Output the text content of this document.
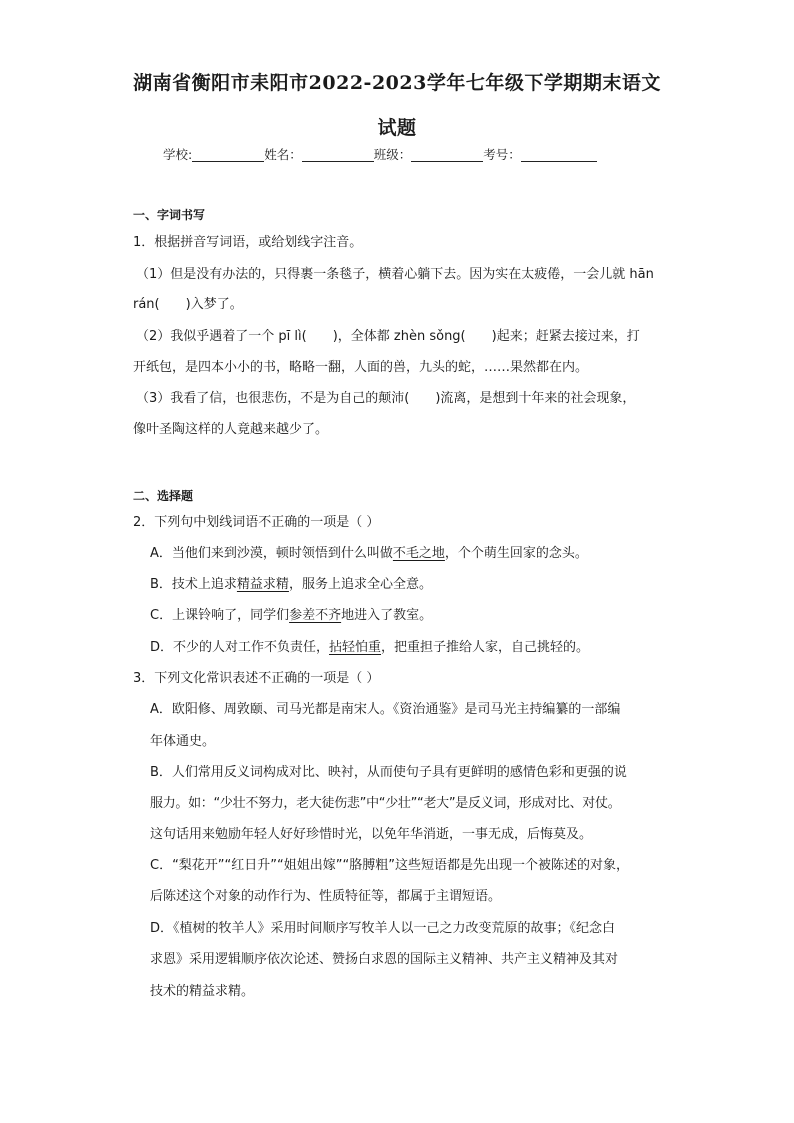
湖南省衡阳市耒阳市2022-2023学年七年级下学期期末语文
试题
学校:	姓名：	班级：	考号：
一、字词书写
1．根据拼音写词语，或给划线字注音。
（1）但是没有办法的，只得裹一条毯子，横着心躺下去。因为实在太疲倦，一会儿就 hān
rán( )入梦了。
（2）我似乎遇着了一个 pī lì( )，全体都 zhèn sǒng( )起来；赶紧去接过来，打
开纸包，是四本小小的书，略略一翻，人面的兽，九头的蛇，……果然都在内。
（3）我看了信，也很悲伤，不是为自己的颠沛( )流离，是想到十年来的社会现象，
像叶圣陶这样的人竟越来越少了。
二、选择题
2．下列句中划线词语不正确的一项是（ ）
A．当他们来到沙漠，顿时领悟到什么叫做不毛之地，个个萌生回家的念头。
B．技术上追求精益求精，服务上追求全心全意。
C．上课铃响了，同学们参差不齐地进入了教室。
D．不少的人对工作不负责任，拈轻怕重，把重担子推给人家，自己挑轻的。
3．下列文化常识表述不正确的一项是（ ）
A．欧阳修、周敦颐、司马光都是南宋人。《资治通鉴》是司马光主持编纂的一部编
年体通史。
B．人们常用反义词构成对比、映衬，从而使句子具有更鲜明的感情色彩和更强的说
服力。如：“少壮不努力，老大徒伤悲”中“少壮”“老大”是反义词，形成对比、对仗。
这句话用来勉励年轻人好好珍惜时光，以免年华消逝，一事无成，后悔莫及。
C．“梨花开”“红日升”“姐姐出嫁”“胳膊粗”这些短语都是先出现一个被陈述的对象，
后陈述这个对象的动作行为、性质特征等，都属于主谓短语。
D．《植树的牧羊人》采用时间顺序写牧羊人以一己之力改变荒原的故事；《纪念白
求恩》采用逻辑顺序依次论述、赞扬白求恩的国际主义精神、共产主义精神及其对
技术的精益求精。
